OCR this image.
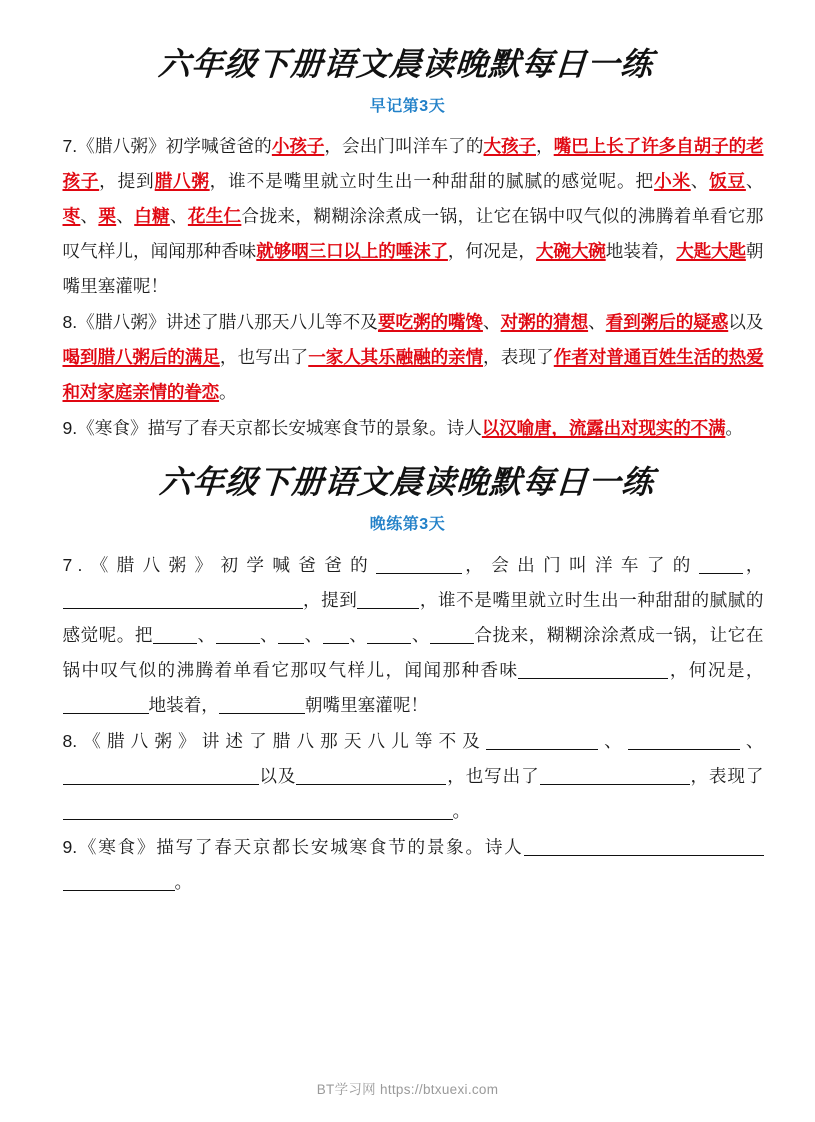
六年级下册语文晨读晚默每日一练
早记第3天

7.《腊八粥》初学喊爸爸的小孩子，会出门叫洋车了的大孩子，嘴巴上长了许多自胡子的老孩子，提到腊八粥，谁不是嘴里就立时生出一种甜甜的腻腻的感觉呢。把小米、饭豆、枣、栗、白糖、花生仁合拢来，糊糊涂涂煮成一锅，让它在锅中叹气似的沸腾着单看它那叹气样儿，闻闻那种香味就够咽三口以上的唾沫了，何况是，大碗大碗地装着，大匙大匙朝嘴里塞灌呢！

8.《腊八粥》讲述了腊八那天八儿等不及要吃粥的嘴馋、对粥的猜想、看到粥后的疑惑以及喝到腊八粥后的满足，也写出了一家人其乐融融的亲情，表现了作者对普通百姓生活的热爱和对家庭亲情的眷恋。

9.《寒食》描写了春天京都长安城寒食节的景象。诗人以汉喻唐，流露出对现实的不满。

六年级下册语文晨读晚默每日一练
晚练第3天

7.《腊八粥》初学喊爸爸的	，会出门叫洋车了的	，，提到	，谁不是嘴里就立时生出一种甜甜的腻腻的感觉呢。把	、	、 、 、	、	合拢来，糊糊涂涂煮成一锅，让它在锅中叹气似的沸腾着单看它那叹气样儿，闻闻那种香味	，何况是，地装着，	朝嘴里塞灌呢！

8.《腊八粥》讲述了腊八那天八儿等不及	、	、以及	，也写出了	，表现了。

9.《寒食》描写了春天京都长安城寒食节的景象。诗人。

BT学习网 https://btxuexi.com
